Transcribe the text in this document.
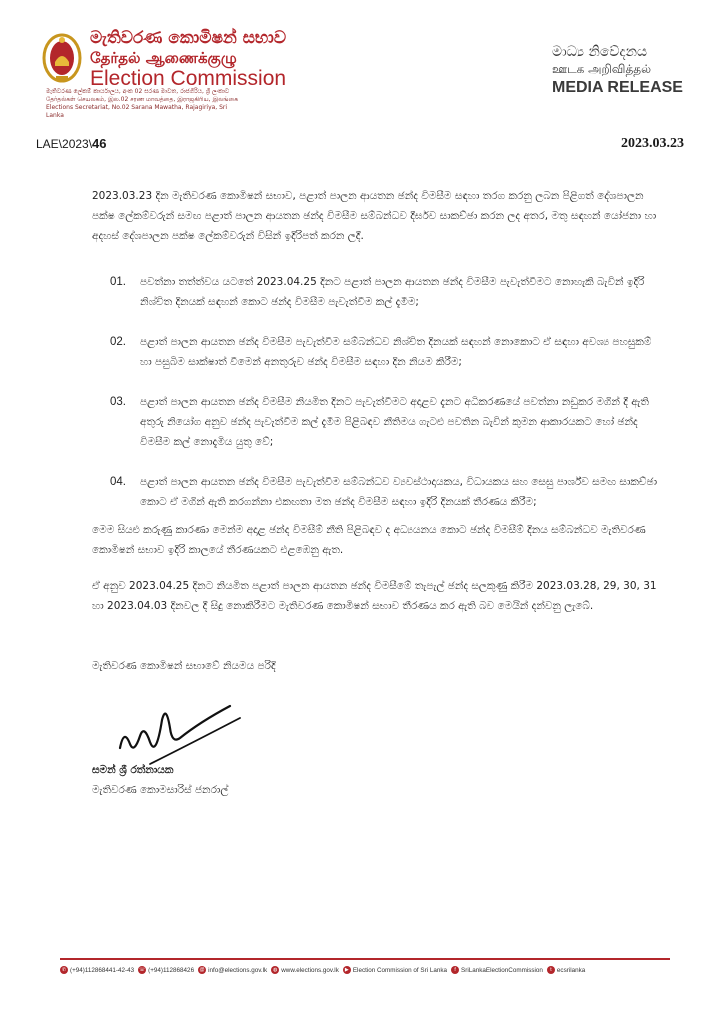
මැතිවරණ කොමිෂන් සභාව
தேர்தல் ஆணைக்குழு
Election Commission
මැතිවරණ ලේකම් කාර්යාලය, අංක 02 සරණ මාවත, රාජගිරිය, ශ්‍රී ලංකාව
தேர்தல்கள் செயலகம், இல.02 சரண மாவத்தை, இராஜகிரிய, இலங்கை
Elections Secretariat, No.02 Sarana Mawatha, Rajagiriya, Sri Lanka
මාධ්‍ය නිවේදනය
ஊடக அறிவித்தல்
MEDIA RELEASE
LAE\2023\46	2023.03.23
2023.03.23 දින මැතිවරණ කොමිෂන් සභාව, පළාත් පාලන ආයතන ඡන්ද විමසීම සඳහා තරග කරනු ලබන පිළිගත් දේශපාලන පක්ෂ ලේකම්වරුන් සමඟ පළාත් පාලන ආයතන ඡන්ද විමසීම සම්බන්ධව දීර්ඝව සාකච්ඡා කරන ලද අතර, මතු සඳහන් යෝජනා හා අදහස් දේශපාලන පක්ෂ ලේකම්වරුන් විසින් ඉදිරිපත් කරන ලදී.
01. පවත්නා තත්ත්වය යටතේ 2023.04.25 දිනට පළාත් පාලන ආයතන ඡන්ද විමසීම පැවැත්වීමට නොහැකි බැවින් ඉදිරි නිශ්චිත දිනයක් සඳහන් කොට ඡන්ද විමසීම පැවැත්වීම කල් දැමීම;
02. පළාත් පාලන ආයතන ඡන්ද විමසීම පැවැත්වීම සම්බන්ධව නිශ්චිත දිනයක් සඳහන් නොකොට ඒ සඳහා අවශ්‍ය පහසුකම් හා පසුබිම සාක්ෂාත් වීමෙන් අනතුරුව ඡන්ද විමසීම සඳහා දින නියම කිරීම;
03. පළාත් පාලන ආයතන ඡන්ද විමසීම නියමිත දිනට පැවැත්වීමට අදාළව දැනට අධිකරණයේ පවත්නා නඩුකර මගින් දී ඇති අතුරු නියෝග අනුව ඡන්ද පැවැත්වීම කල් දැමීම පිළිබඳව නීතිමය ගැටළු පවතින බැවින් කුමන ආකාරයකට හෝ ඡන්ද විමසීම කල් නොදැමිය යුතු වේ;
04. පළාත් පාලන ආයතන ඡන්ද විමසීම පැවැත්වීම සම්බන්ධව ව්‍යවස්ථාදායකය, විධායකය සහ සෙසු පාර්ශ්ව සමඟ සාකච්ඡා කොට ඒ මගින් ඇති කරගන්නා එකඟතා මත ඡන්ද විමසීම සඳහා ඉදිරි දිනයක් තීරණය කිරීම;
මෙම සියළු කරුණු කාරණා මෙන්ම අදාළ ඡන්ද විමසීම් නීති පිළිබඳව ද අධ්‍යයනය කොට ඡන්ද විමසීම් දිනය සම්බන්ධව මැතිවරණ කොමිෂන් සභාව ඉදිරි කාලයේ තීරණයකට එළඹෙනු ඇත.
ඒ අනුව 2023.04.25 දිනට නියමිත පළාත් පාලන ආයතන ඡන්ද විමසීමේ තැපැල් ඡන්ද සලකුණු කිරීම 2023.03.28, 29, 30, 31 හා 2023.04.03 දිනවල දී සිදු නොකිරීමට මැතිවරණ කොමිෂන් සභාව තීරණය කර ඇති බව මෙයින් දන්වනු ලැබේ.
මැතිවරණ කොමිෂන් සභාවේ නියමය පරිදි
සමන් ශ්‍රී රත්නායක
මැතිවරණ කොමසාරිස් ජනරාල්
✆ (+94)112868441-42-43 ☏ (+94)112868426 @ info@elections.gov.lk	◍ www.elections.gov.lk	▶ Election Commission of Sri Lanka	f SriLankaElectionCommission	t ecsrilanka
